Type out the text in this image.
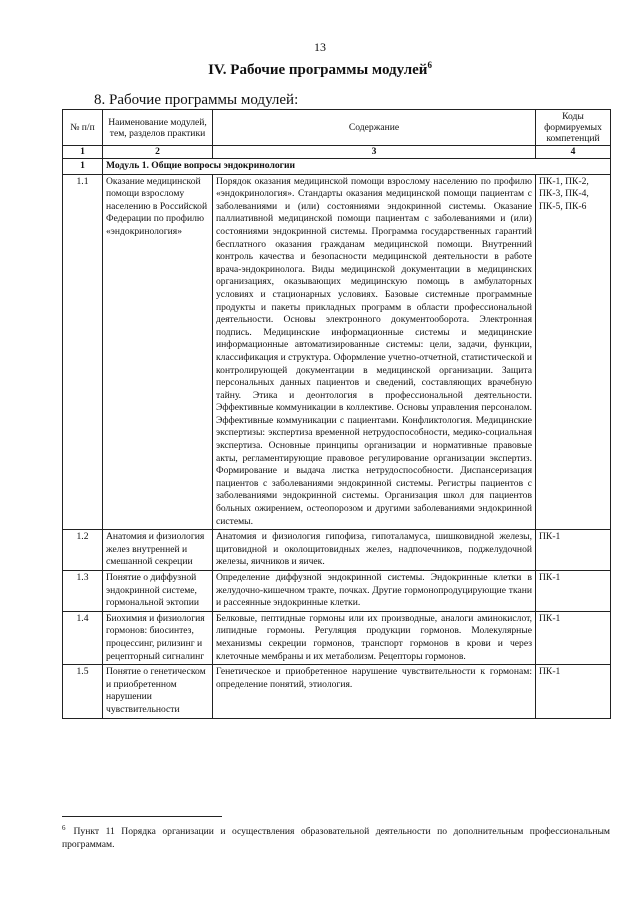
13
IV. Рабочие программы модулей$^6$
8. Рабочие программы модулей:
№ п/п	Наименование модулей, тем, разделов практики	Содержание	Коды формируемых компетенций
1	2	3	4
1	Модуль 1. Общие вопросы эндокринологии		
1.1	Оказание медицинской помощи взрослому населению в Российской Федерации по профилю «эндокринология»	Порядок оказания медицинской помощи взрослому населению по профилю «эндокринология». Стандарты оказания медицинской помощи пациентам с заболеваниями и (или) состояниями эндокринной системы. Оказание паллиативной медицинской помощи пациентам с заболеваниями и (или) состояниями эндокринной системы. Программа государственных гарантий бесплатного оказания гражданам медицинской помощи. Внутренний контроль качества и безопасности медицинской деятельности в работе врача-эндокринолога. Виды медицинской документации в медицинских организациях, оказывающих медицинскую помощь в амбулаторных условиях и стационарных условиях. Базовые системные программные продукты и пакеты прикладных программ в области профессиональной деятельности. Основы электронного документооборота. Электронная подпись. Медицинские информационные системы и медицинские информационные автоматизированные системы: цели, задачи, функции, классификация и структура. Оформление учетно-отчетной, статистической и контролирующей документации в медицинской организации. Защита персональных данных пациентов и сведений, составляющих врачебную тайну. Этика и деонтология в профессиональной деятельности. Эффективные коммуникации в коллективе. Основы управления персоналом. Эффективные коммуникации с пациентами. Конфликтология. Медицинские экспертизы: экспертиза временной нетрудоспособности, медико-социальная экспертиза. Основные принципы организации и нормативные правовые акты, регламентирующие правовое регулирование организации экспертиз. Формирование и выдача листка нетрудоспособности. Диспансеризация пациентов с заболеваниями эндокринной системы. Регистры пациентов с заболеваниями эндокринной системы. Организация школ для пациентов больных ожирением, остеопорозом и другими заболеваниями эндокринной системы.	ПК-1, ПК-2, ПК-3, ПК-4, ПК-5, ПК-6
1.2	Анатомия и физиология желез внутренней и смешанной секреции	Анатомия и физиология гипофиза, гипоталамуса, шишковидной железы, щитовидной и околощитовидных желез, надпочечников, поджелудочной железы, яичников и яичек.	ПК-1
1.3	Понятие о диффузной эндокринной системе, гормональной эктопии	Определение диффузной эндокринной системы. Эндокринные клетки в желудочно-кишечном тракте, почках. Другие гормонопродуцирующие ткани и рассеянные эндокринные клетки.	ПК-1
1.4	Биохимия и физиология гормонов: биосинтез, процессинг, рилизинг и рецепторный сигналинг	Белковые, пептидные гормоны или их производные, аналоги аминокислот, липидные гормоны. Регуляция продукции гормонов. Молекулярные механизмы секреции гормонов, транспорт гормонов в крови и через клеточные мембраны и их метаболизм. Рецепторы гормонов.	ПК-1
1.5	Понятие о генетическом и приобретенном нарушении чувствительности	Генетическое и приобретенное нарушение чувствительности к гормонам: определение понятий, этиология.	ПК-1
$^6$ Пункт 11 Порядка организации и осуществления образовательной деятельности по дополнительным профессиональным программам.
